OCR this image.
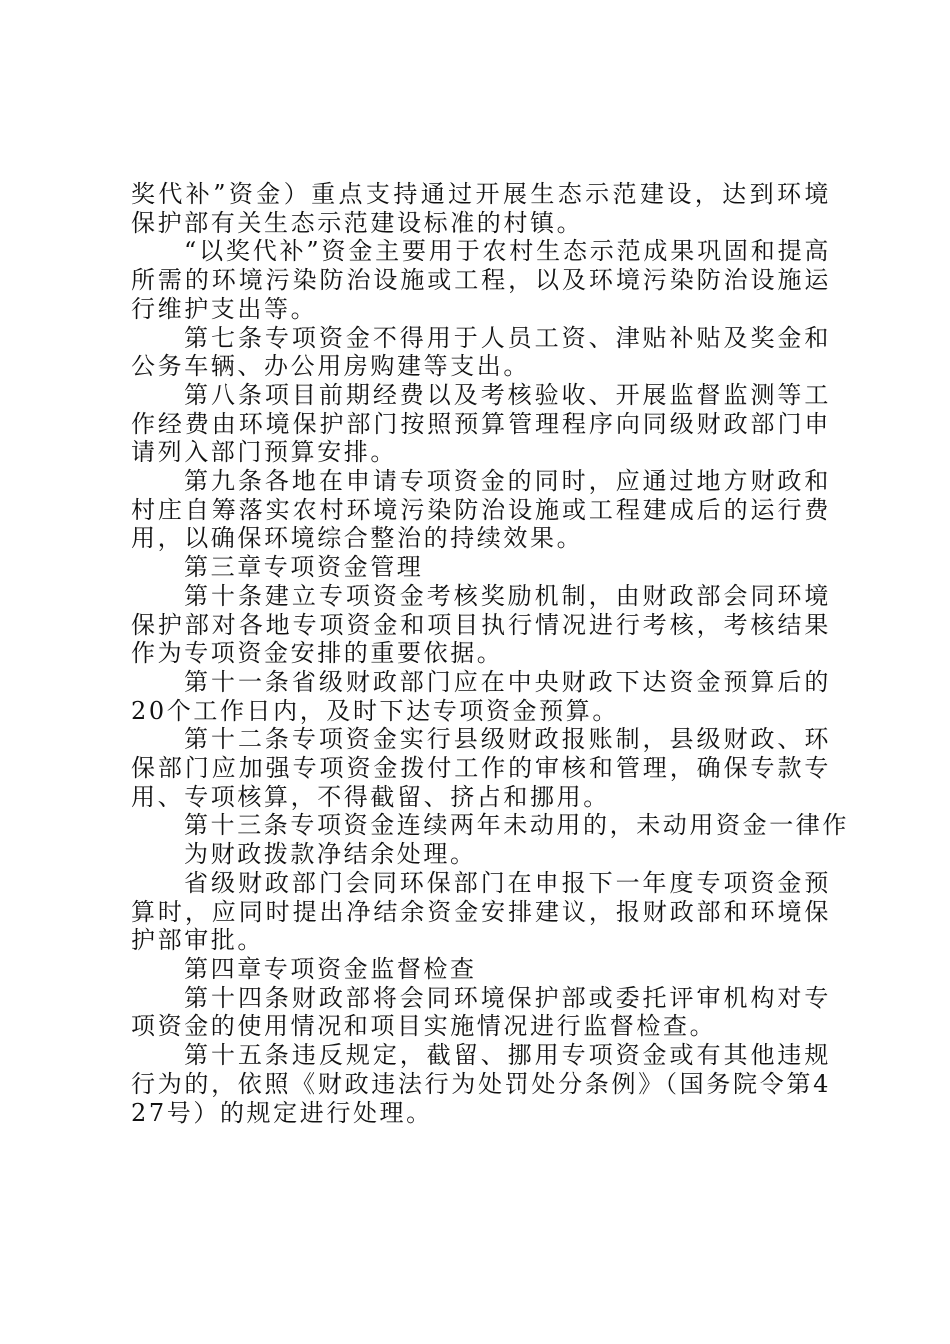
奖代补”资金）重点支持通过开展生态示范建设，达到环境保护部有关生态示范建设标准的村镇。

“以奖代补”资金主要用于农村生态示范成果巩固和提高所需的环境污染防治设施或工程，以及环境污染防治设施运行维护支出等。

第七条专项资金不得用于人员工资、津贴补贴及奖金和公务车辆、办公用房购建等支出。

第八条项目前期经费以及考核验收、开展监督监测等工作经费由环境保护部门按照预算管理程序向同级财政部门申请列入部门预算安排。

第九条各地在申请专项资金的同时，应通过地方财政和村庄自筹落实农村环境污染防治设施或工程建成后的运行费用，以确保环境综合整治的持续效果。

第三章专项资金管理

第十条建立专项资金考核奖励机制，由财政部会同环境保护部对各地专项资金和项目执行情况进行考核，考核结果作为专项资金安排的重要依据。

第十一条省级财政部门应在中央财政下达资金预算后的20个工作日内，及时下达专项资金预算。

第十二条专项资金实行县级财政报账制，县级财政、环保部门应加强专项资金拨付工作的审核和管理，确保专款专用、专项核算，不得截留、挤占和挪用。

第十三条专项资金连续两年未动用的，未动用资金一律作

为财政拨款净结余处理。

省级财政部门会同环保部门在申报下一年度专项资金预算时，应同时提出净结余资金安排建议，报财政部和环境保护部审批。

第四章专项资金监督检查

第十四条财政部将会同环境保护部或委托评审机构对专项资金的使用情况和项目实施情况进行监督检查。

第十五条违反规定，截留、挪用专项资金或有其他违规行为的，依照《财政违法行为处罚处分条例》（国务院令第427号）的规定进行处理。
